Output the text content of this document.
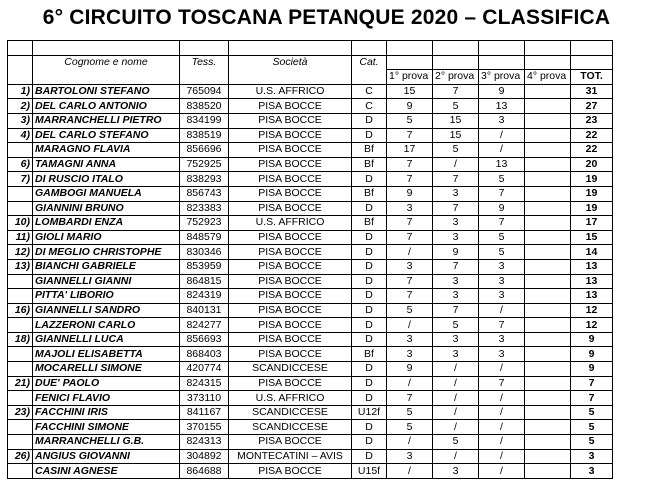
6° CIRCUITO TOSCANA PETANQUE 2020 – CLASSIFICA

	Cognome e nome	Tess.	Società	Cat.					
					1° prova	2° prova	3° prova	4° prova	TOT.
1)	BARTOLONI STEFANO	765094	U.S. AFFRICO	C	15	7	9		31
2)	DEL CARLO ANTONIO	838520	PISA BOCCE	C	9	5	13		27
3)	MARRANCHELLI PIETRO	834199	PISA BOCCE	D	5	15	3		23
4)	DEL CARLO STEFANO	838519	PISA BOCCE	D	7	15	/		22
	MARAGNO FLAVIA	856696	PISA BOCCE	Bf	17	5	/		22
6)	TAMAGNI ANNA	752925	PISA BOCCE	Bf	7	/	13		20
7)	DI RUSCIO ITALO	838293	PISA BOCCE	D	7	7	5		19
	GAMBOGI MANUELA	856743	PISA BOCCE	Bf	9	3	7		19
	GIANNINI BRUNO	823383	PISA BOCCE	D	3	7	9		19
10)	LOMBARDI ENZA	752923	U.S. AFFRICO	Bf	7	3	7		17
11)	GIOLI MARIO	848579	PISA BOCCE	D	7	3	5		15
12)	DI MEGLIO CHRISTOPHE	830346	PISA BOCCE	D	/	9	5		14
13)	BIANCHI GABRIELE	853959	PISA BOCCE	D	3	7	3		13
	GIANNELLI GIANNI	864815	PISA BOCCE	D	7	3	3		13
	PITTA' LIBORIO	824319	PISA BOCCE	D	7	3	3		13
16)	GIANNELLI SANDRO	840131	PISA BOCCE	D	5	7	/		12
	LAZZERONI CARLO	824277	PISA BOCCE	D	/	5	7		12
18)	GIANNELLI LUCA	856693	PISA BOCCE	D	3	3	3		9
	MAJOLI ELISABETTA	868403	PISA BOCCE	Bf	3	3	3		9
	MOCARELLI SIMONE	420774	SCANDICCESE	D	9	/	/		9
21)	DUE' PAOLO	824315	PISA BOCCE	D	/	/	7		7
	FENICI FLAVIO	373110	U.S. AFFRICO	D	7	/	/		7
23)	FACCHINI IRIS	841167	SCANDICCESE	U12f	5	/	/		5
	FACCHINI SIMONE	370155	SCANDICCESE	D	5	/	/		5
	MARRANCHELLI G.B.	824313	PISA BOCCE	D	/	5	/		5
26)	ANGIUS GIOVANNI	304892	MONTECATINI – AVIS	D	3	/	/		3
	CASINI AGNESE	864688	PISA BOCCE	U15f	/	3	/		3
